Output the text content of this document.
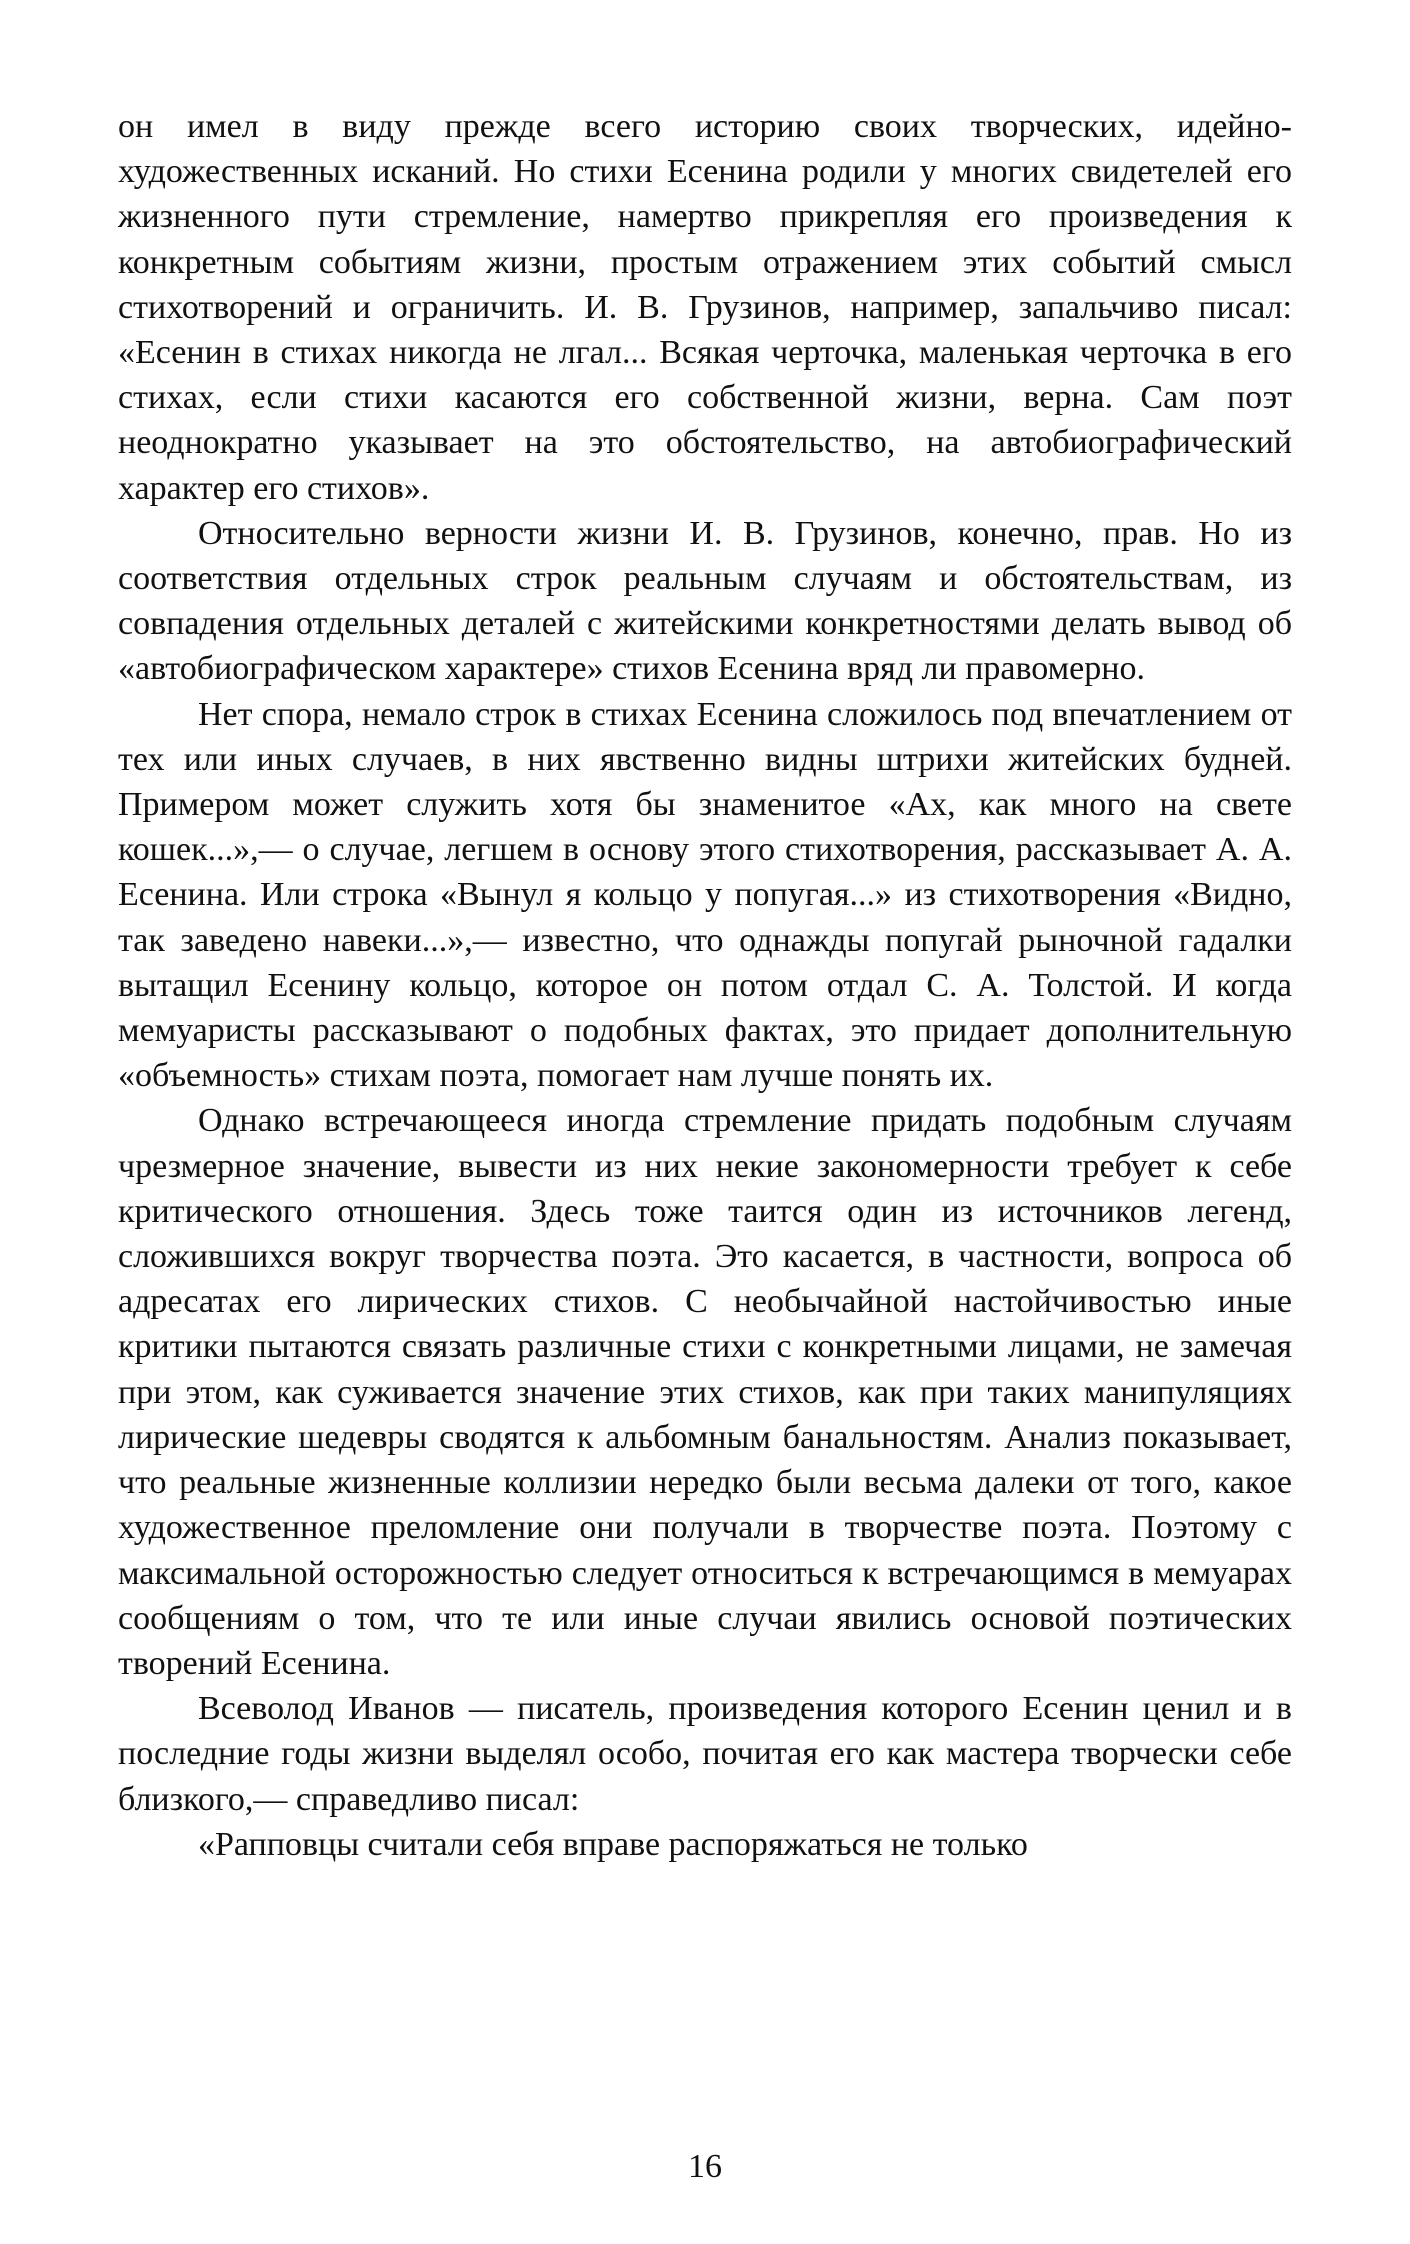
он имел в виду прежде всего историю своих творческих, идейно-художественных исканий. Но стихи Есенина родили у многих свидетелей его жизненного пути стремление, намертво прикрепляя его произведения к конкретным событиям жизни, простым отражением этих событий смысл стихотворений и ограничить. И. В. Грузинов, например, запальчиво писал: «Есенин в стихах никогда не лгал... Всякая черточка, маленькая черточка в его стихах, если стихи касаются его собственной жизни, верна. Сам поэт неоднократно указывает на это обстоятельство, на автобиографический характер его стихов».

Относительно верности жизни И. В. Грузинов, конечно, прав. Но из соответствия отдельных строк реальным случаям и обстоятельствам, из совпадения отдельных деталей с житейскими конкретностями делать вывод об «автобиографическом характере» стихов Есенина вряд ли правомерно.

Нет спора, немало строк в стихах Есенина сложилось под впечатлением от тех или иных случаев, в них явственно видны штрихи житейских будней. Примером может служить хотя бы знаменитое «Ах, как много на свете кошек...»,— о случае, легшем в основу этого стихотворения, рассказывает А. А. Есенина. Или строка «Вынул я кольцо у попугая...» из стихотворения «Видно, так заведено навеки...»,— известно, что однажды попугай рыночной гадалки вытащил Есенину кольцо, которое он потом отдал С. А. Толстой. И когда мемуаристы рассказывают о подобных фактах, это придает дополнительную «объемность» стихам поэта, помогает нам лучше понять их.

Однако встречающееся иногда стремление придать подобным случаям чрезмерное значение, вывести из них некие закономерности требует к себе критического отношения. Здесь тоже таится один из источников легенд, сложившихся вокруг творчества поэта. Это касается, в частности, вопроса об адресатах его лирических стихов. С необычайной настойчивостью иные критики пытаются связать различные стихи с конкретными лицами, не замечая при этом, как суживается значение этих стихов, как при таких манипуляциях лирические шедевры сводятся к альбомным банальностям. Анализ показывает, что реальные жизненные коллизии нередко были весьма далеки от того, какое художественное преломление они получали в творчестве поэта. Поэтому с максимальной осторожностью следует относиться к встречающимся в мемуарах сообщениям о том, что те или иные случаи явились основой поэтических творений Есенина.

Всеволод Иванов — писатель, произведения которого Есенин ценил и в последние годы жизни выделял особо, почитая его как мастера творчески себе близкого,— справедливо писал:

«Рапповцы считали себя вправе распоряжаться не только

16
